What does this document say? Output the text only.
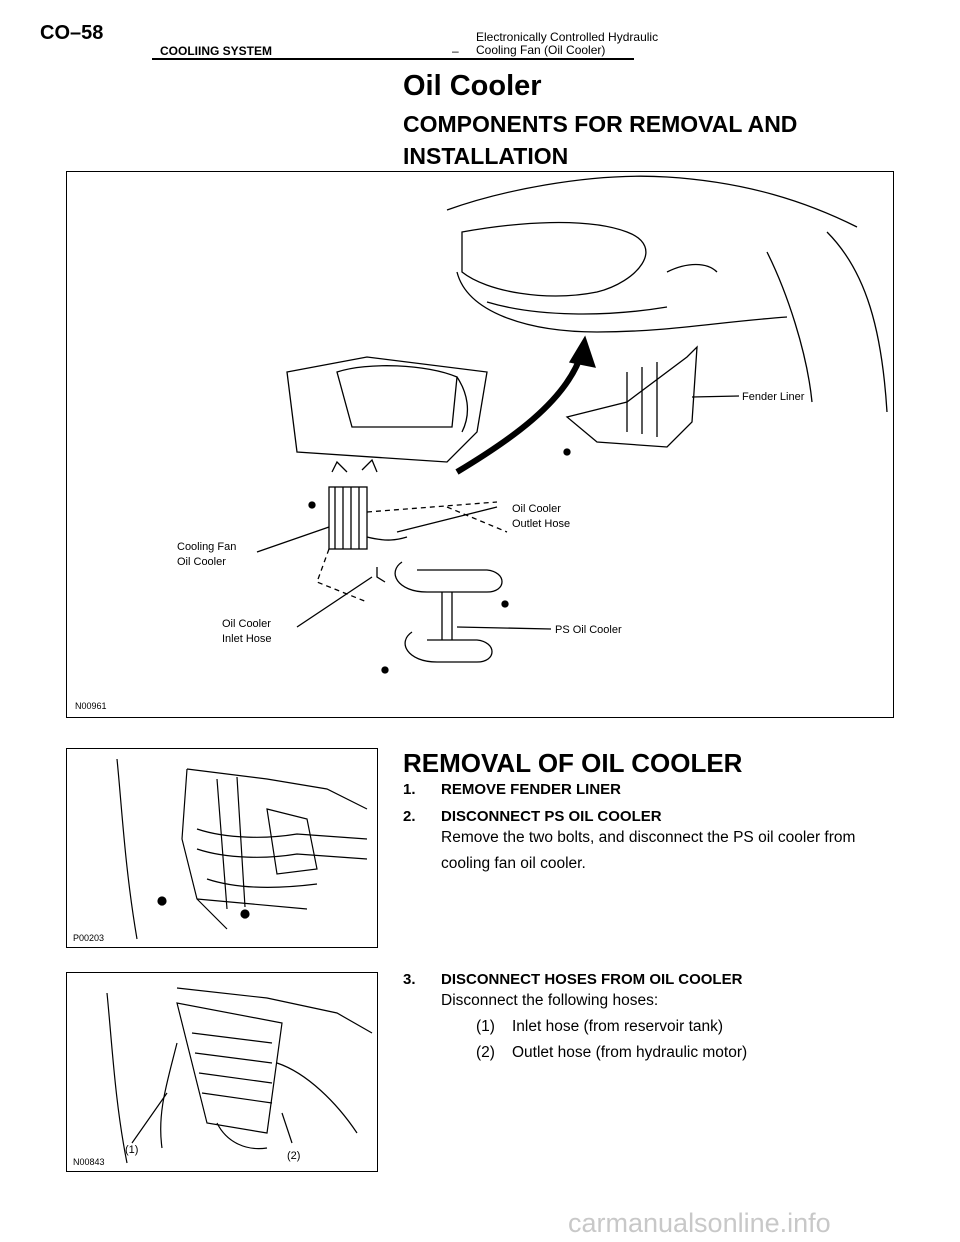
CO–58
COOLIING SYSTEM	–
Electronically Controlled Hydraulic
Cooling Fan (Oil Cooler)
Oil Cooler
COMPONENTS FOR REMOVAL AND INSTALLATION
Fender Liner
Oil Cooler
Outlet Hose
Cooling Fan
Oil Cooler
Oil Cooler
Inlet Hose
PS Oil Cooler
N00961
P00203
(1)	(2)
N00843
REMOVAL OF OIL COOLER
1. REMOVE FENDER LINER
2. DISCONNECT PS OIL COOLER
Remove the two bolts, and disconnect the PS oil cooler from
cooling fan oil cooler.
3. DISCONNECT HOSES FROM OIL COOLER
Disconnect the following hoses:
(1) Inlet hose (from reservoir tank)
(2) Outlet hose (from hydraulic motor)
carmanualsonline.info
